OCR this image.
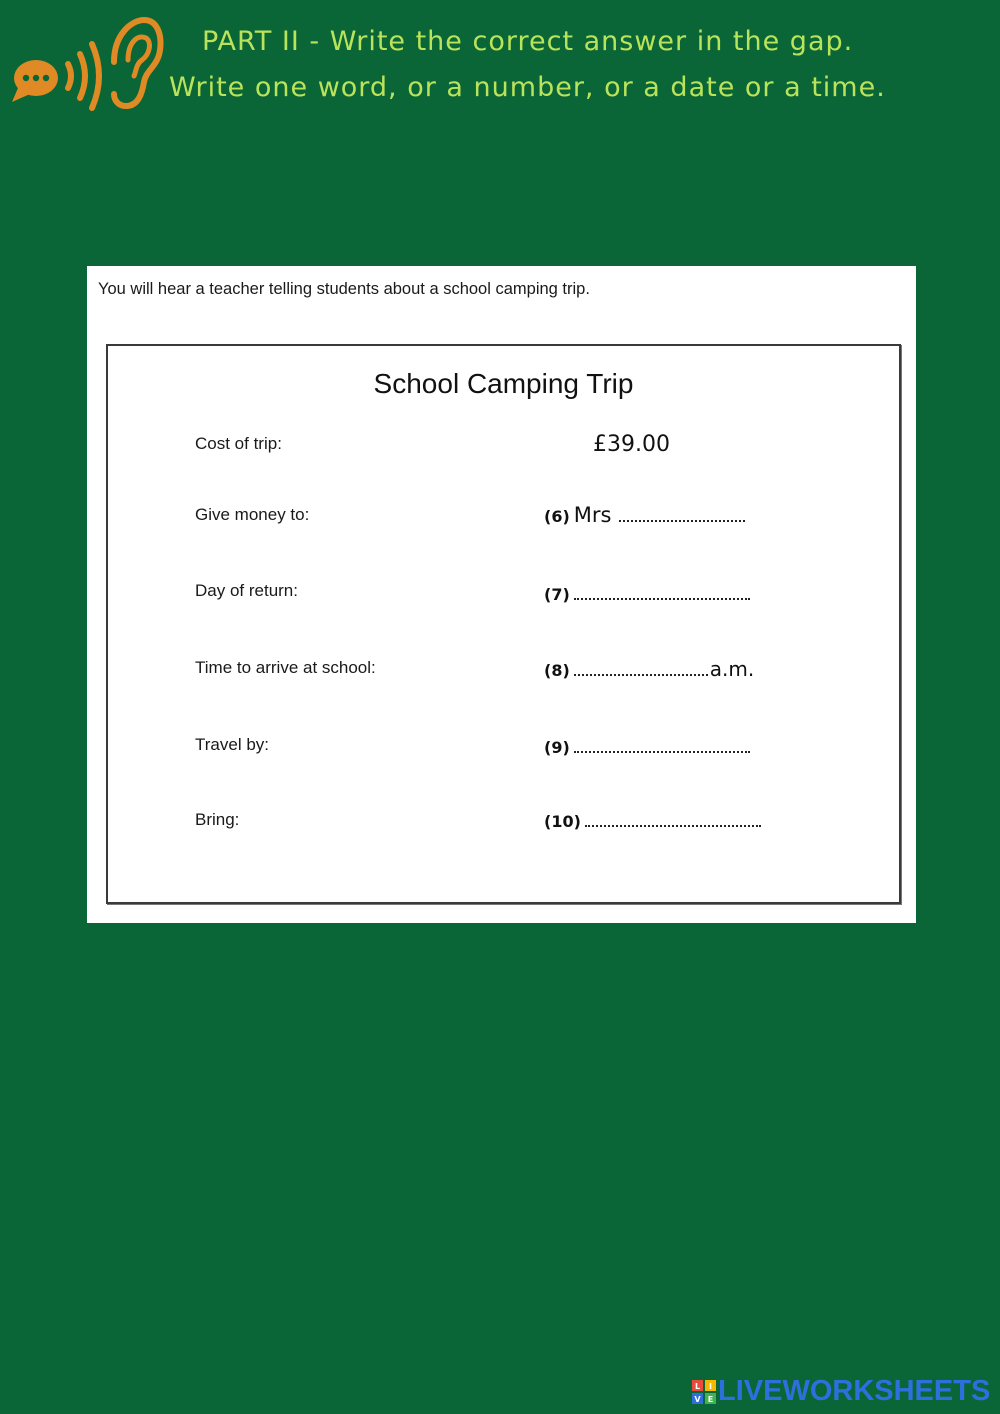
PART II - Write the correct answer in the gap.
Write one word, or a number, or a date or a time.
You will hear a teacher telling students about a school camping trip.
School Camping Trip
Cost of trip:	£39.00
Give money to:	(6) Mrs
Day of return:	(7)
Time to arrive at school:	(8)	a.m.
Travel by:	(9)
Bring:	(10)
L I
V E LIVEWORKSHEETS
